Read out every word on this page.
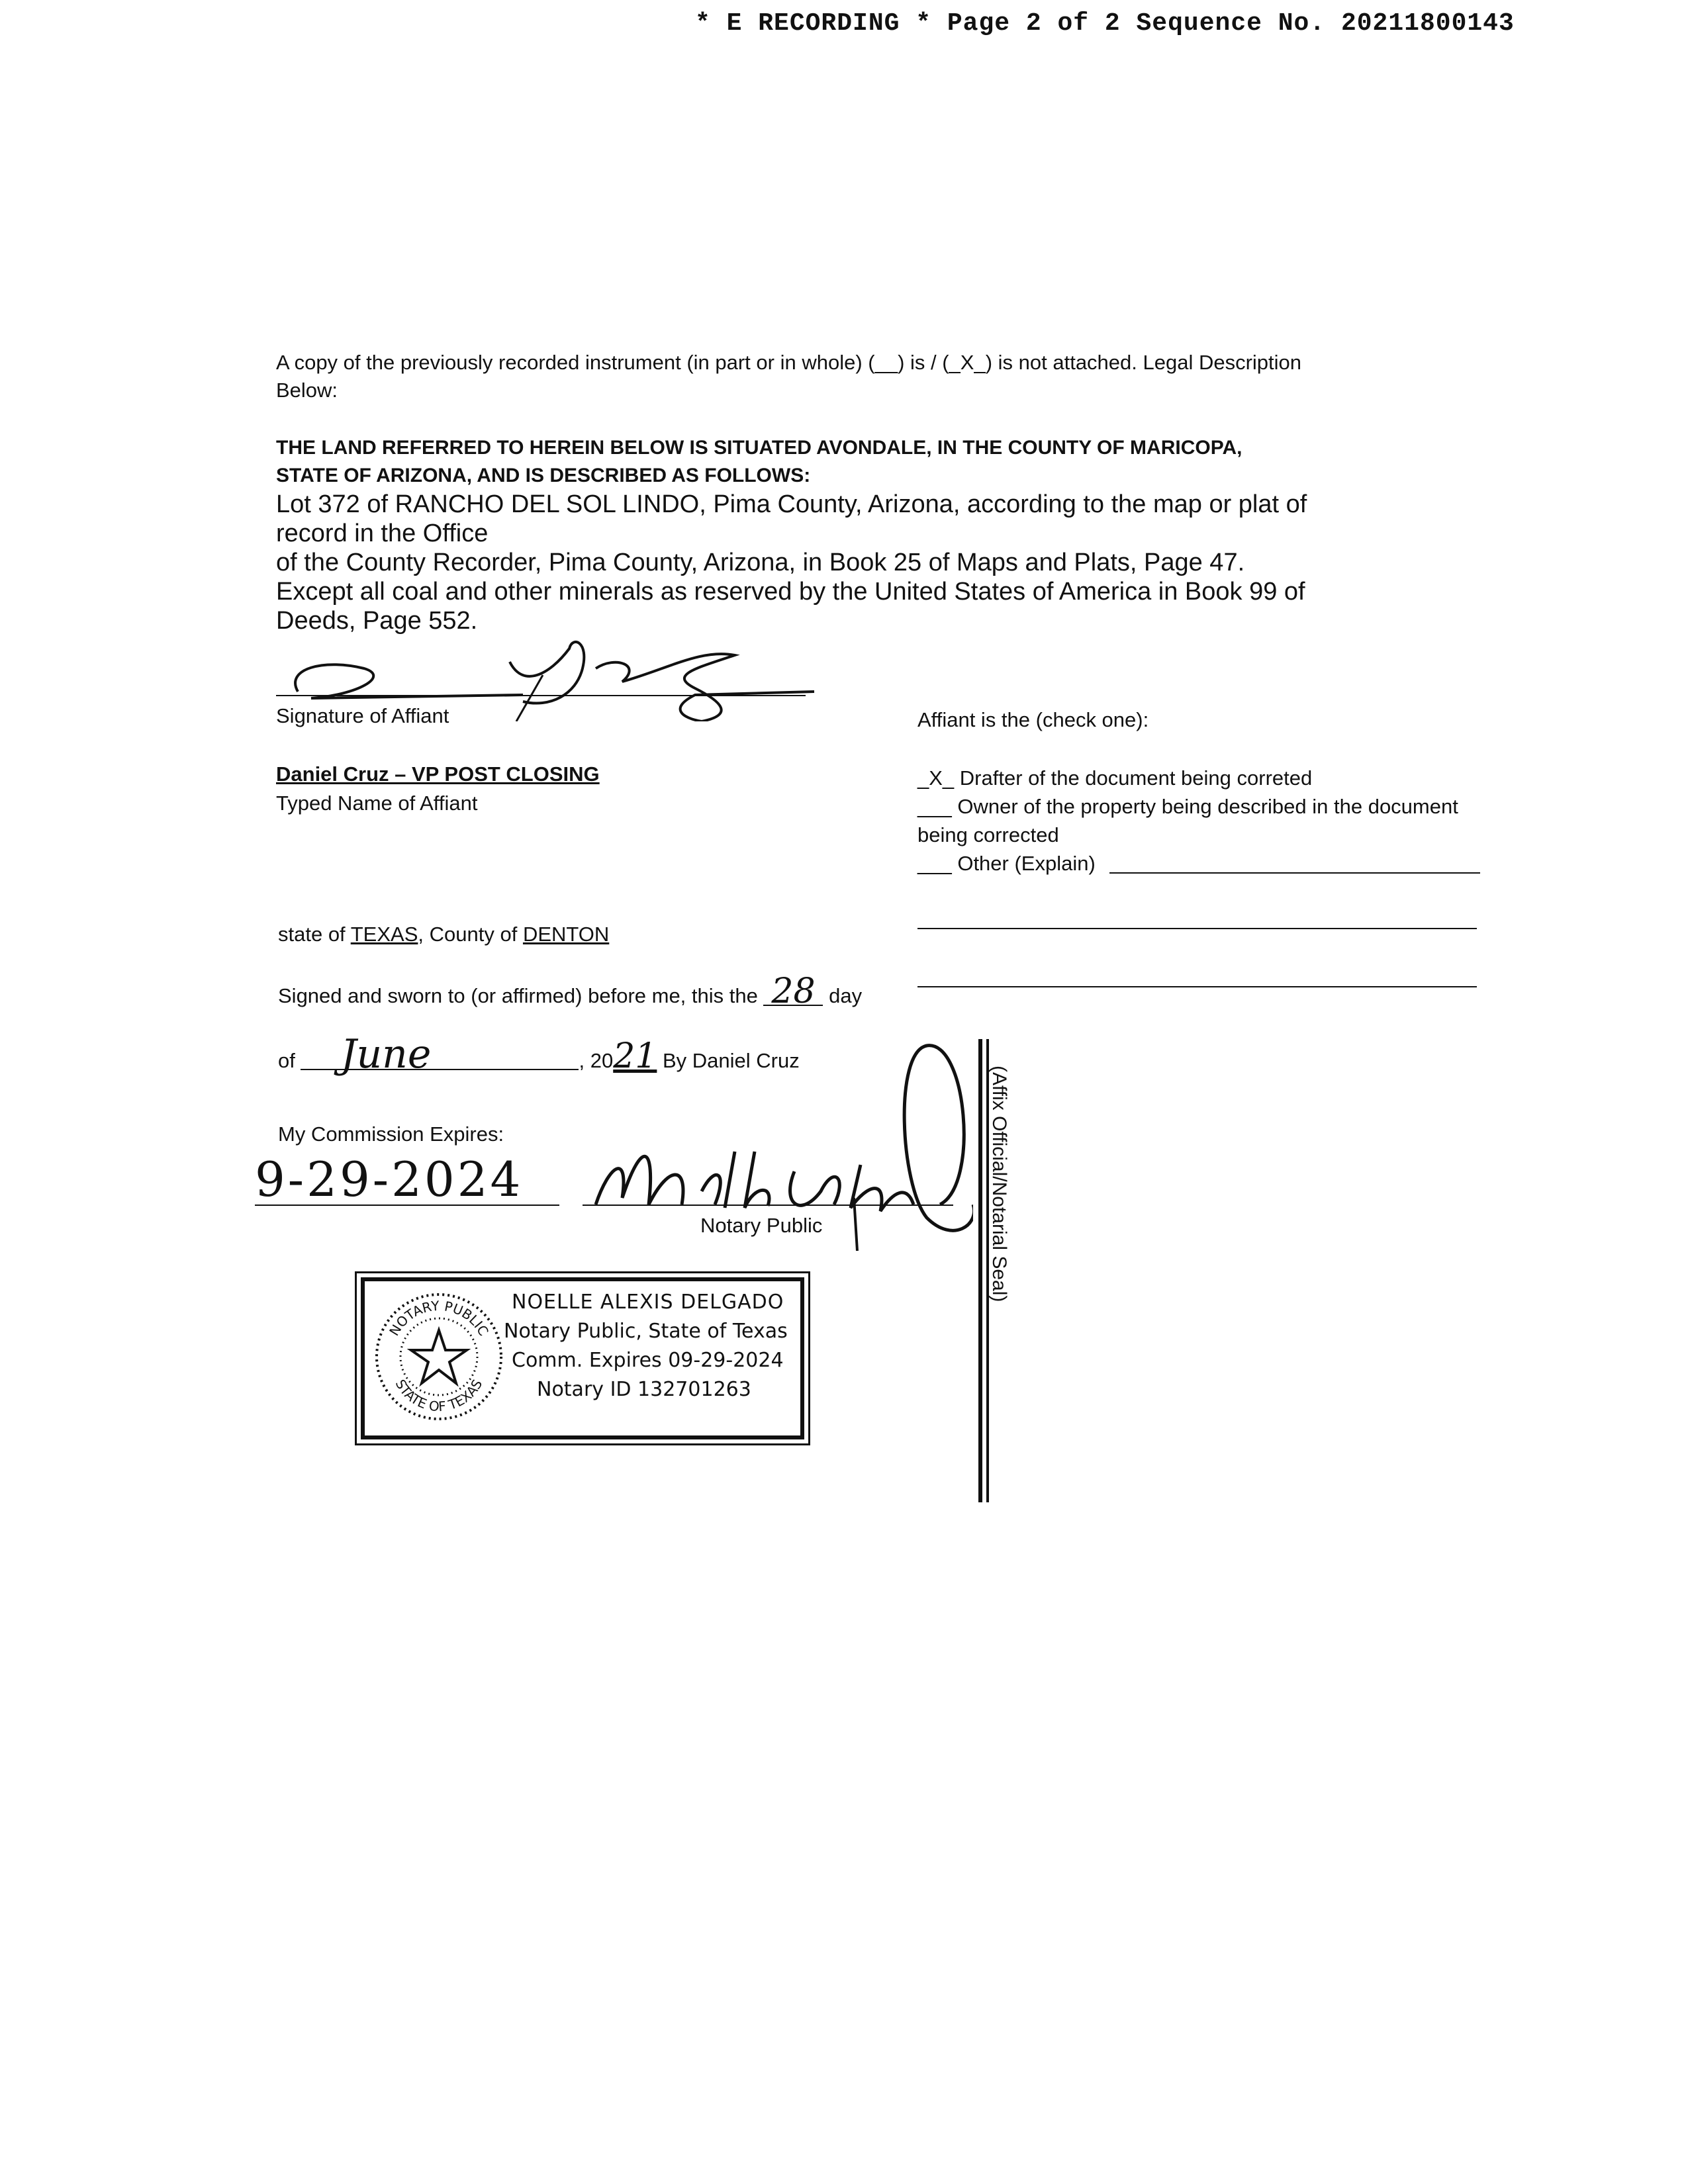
* E RECORDING * Page 2 of 2 Sequence No. 20211800143
A copy of the previously recorded instrument (in part or in whole) (__) is / (_X_) is not attached. Legal Description
Below:
THE LAND REFERRED TO HEREIN BELOW IS SITUATED AVONDALE, IN THE COUNTY OF MARICOPA,
STATE OF ARIZONA, AND IS DESCRIBED AS FOLLOWS:
Lot 372 of RANCHO DEL SOL LINDO, Pima County, Arizona, according to the map or plat of
record in the Office
of the County Recorder, Pima County, Arizona, in Book 25 of Maps and Plats, Page 47.
Except all coal and other minerals as reserved by the United States of America in Book 99 of
Deeds, Page 552.
Signature of Affiant
Daniel Cruz – VP POST CLOSING
Typed Name of Affiant
Affiant is the (check one):
_X_ Drafter of the document being correted
___ Owner of the property being described in the document
being corrected
___ Other (Explain)
state of TEXAS, County of DENTON
Signed and sworn to (or affirmed) before me, this the 28 day
of June	, 2021 By Daniel Cruz
My Commission Expires:
9-29-2024
Notary Public	(Affix Official/Notarial Seal)
NOTARY PUBLIC
STATE OF TEXAS
NOELLE ALEXIS DELGADO
Notary Public, State of Texas
Comm. Expires 09-29-2024
Notary ID 132701263
